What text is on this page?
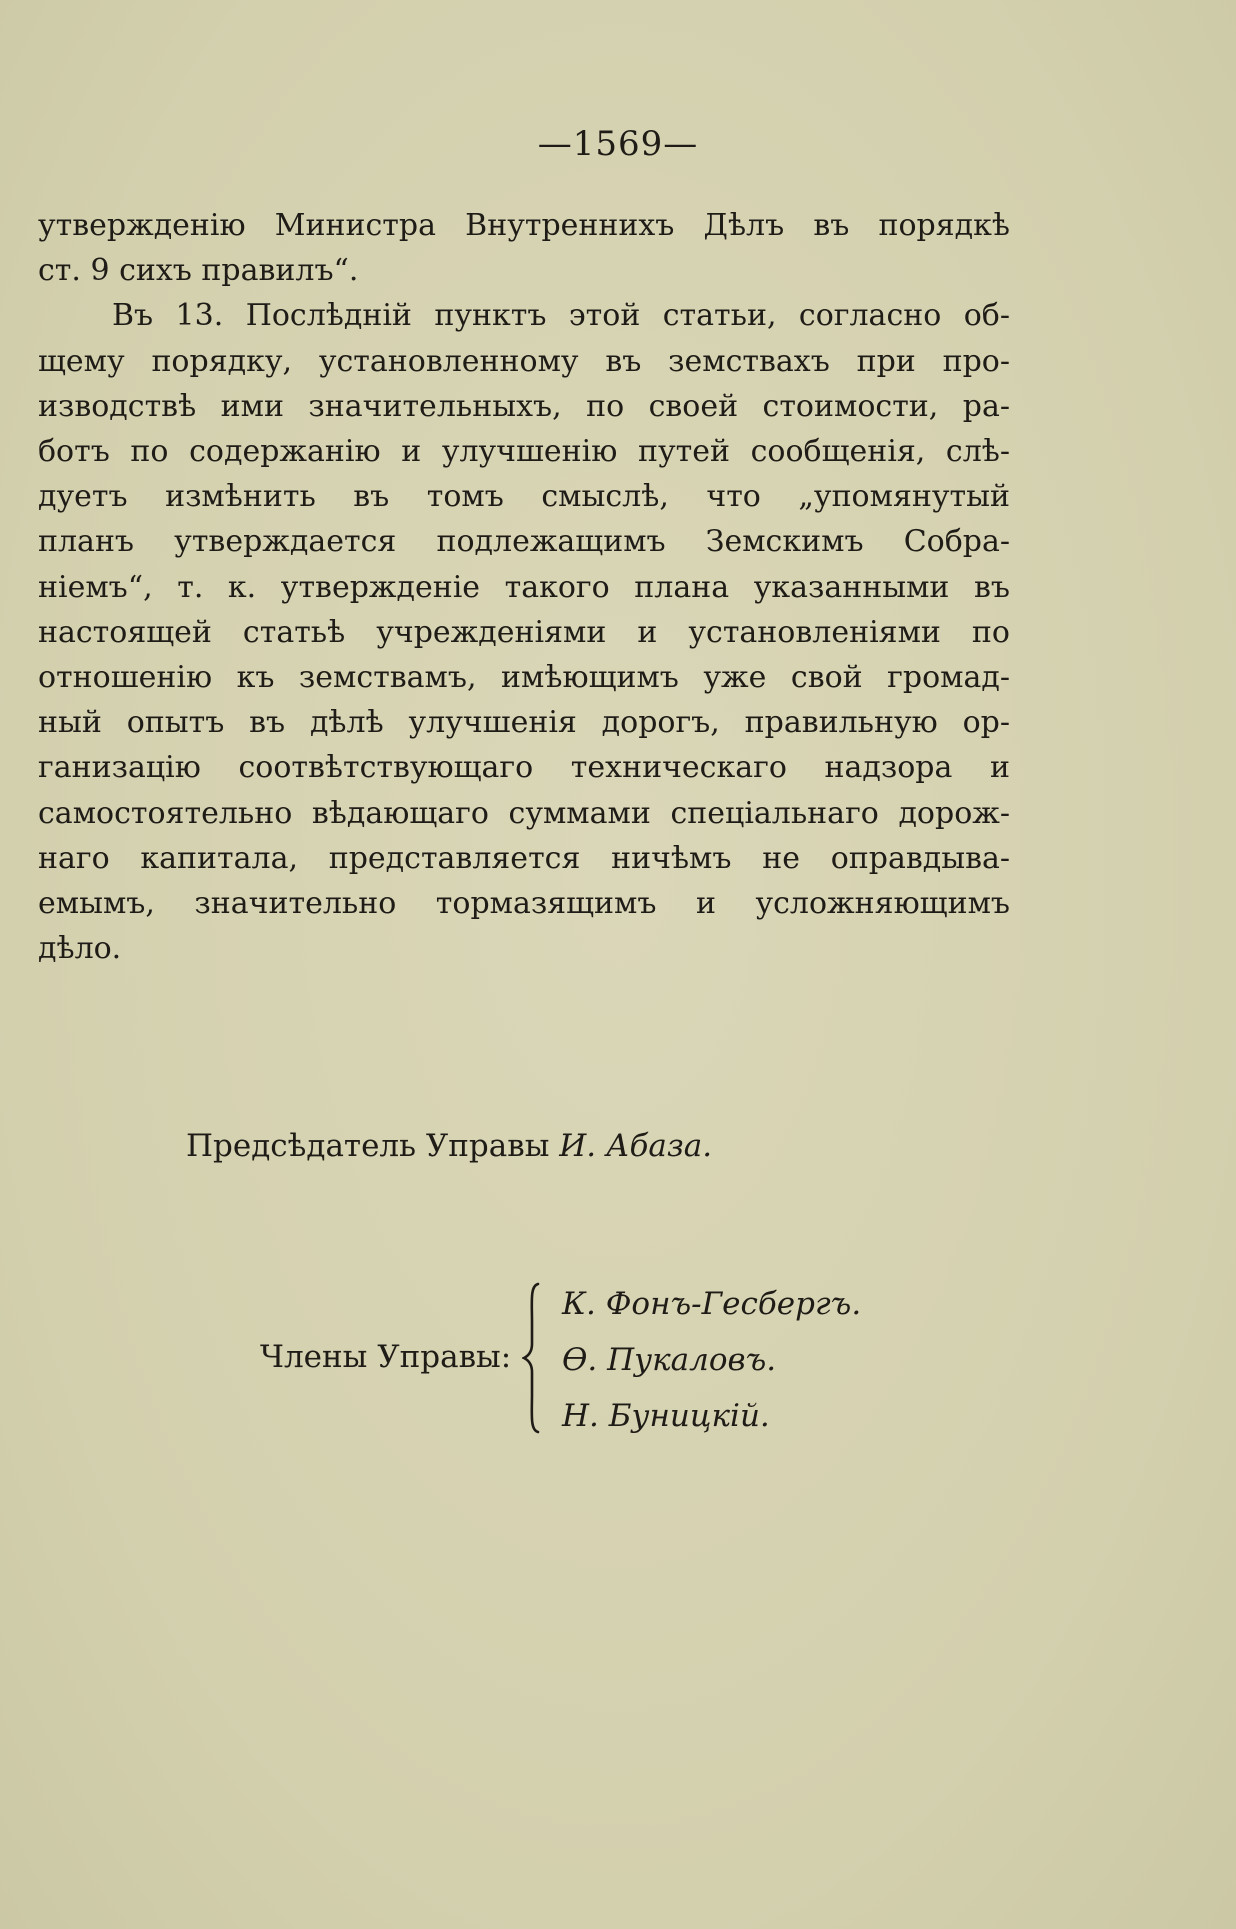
—1569—
утвержденію Министра Внутреннихъ Дѣлъ въ порядкѣ
ст. 9 сихъ правилъ“.
Въ 13. Послѣдній пунктъ этой статьи, согласно об-
щему порядку, установленному въ земствахъ при про-
изводствѣ ими значительныхъ, по своей стоимости, ра-
ботъ по содержанію и улучшенію путей сообщенія, слѣ-
дуетъ измѣнить въ томъ смыслѣ, что „упомянутый
планъ утверждается подлежащимъ Земскимъ Собра-
ніемъ“, т. к. утвержденіе такого плана указанными въ
настоящей статьѣ учрежденіями и установленіями по
отношенію къ земствамъ, имѣющимъ уже свой громад-
ный опытъ въ дѣлѣ улучшенія дорогъ, правильную ор-
ганизацію соотвѣтствующаго техническаго надзора и
самостоятельно вѣдающаго суммами спеціальнаго дорож-
наго капитала, представляется ничѣмъ не оправдыва-
емымъ, значительно тормазящимъ и усложняющимъ
дѣло.
Предсѣдатель Управы И. Абаза.
Члены Управы:
К. Фонъ-Гесбергъ.
Ѳ. Пукаловъ.
Н. Буницкій.
